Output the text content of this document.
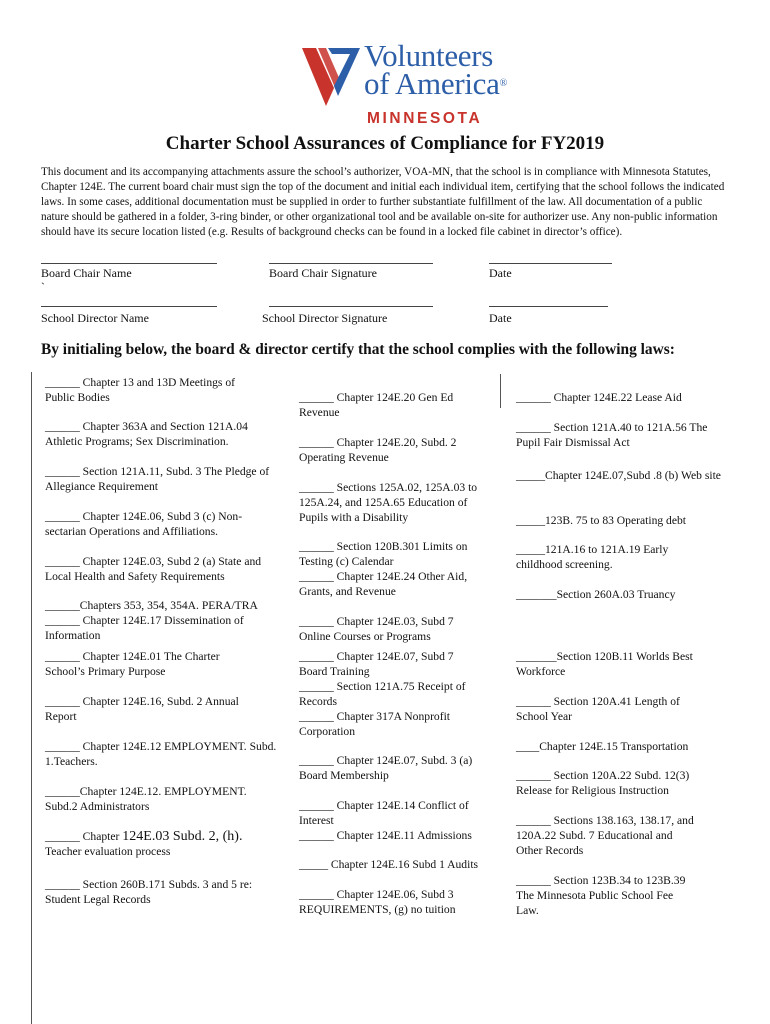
Volunteers
of America®
MINNESOTA
Charter School Assurances of Compliance for FY2019
This document and its accompanying attachments assure the school’s authorizer, VOA-MN, that the school is in compliance with Minnesota Statutes, Chapter 124E. The current board chair must sign the top of the document and initial each individual item, certifying that the school follows the indicated laws. In some cases, additional documentation must be supplied in order to further substantiate fulfillment of the law. All documentation of a public nature should be gathered in a folder, 3-ring binder, or other organizational tool and be available on-site for authorizer use. Any non-public information should have its secure location listed (e.g. Results of background checks can be found in a locked file cabinet in director’s office).
Board Chair Name
`
Board Chair Signature	Date
School Director Name	School Director Signature	Date
By initialing below, the board & director certify that the school complies with the following laws:
______ Chapter 13 and 13D Meetings of Public Bodies
______ Chapter 363A and Section 121A.04 Athletic Programs; Sex Discrimination.
______ Section 121A.11, Subd. 3 The Pledge of Allegiance Requirement
______ Chapter 124E.06, Subd 3 (c) Non-sectarian Operations and Affiliations.
______ Chapter 124E.03, Subd 2 (a) State and Local Health and Safety Requirements
______Chapters 353, 354, 354A. PERA/TRA
______ Chapter 124E.17 Dissemination of Information
______ Chapter 124E.01 The Charter School’s Primary Purpose
______ Chapter 124E.16, Subd. 2 Annual Report
______ Chapter 124E.12 EMPLOYMENT. Subd. 1.Teachers.
______Chapter 124E.12. EMPLOYMENT. Subd.2 Administrators
______ Chapter 124E.03 Subd. 2, (h).
Teacher evaluation process
______ Section 260B.171 Subds. 3 and 5 re: Student Legal Records
______ Chapter 124E.20 Gen Ed Revenue
______ Chapter 124E.20, Subd. 2 Operating Revenue
______ Sections 125A.02, 125A.03 to 125A.24, and 125A.65 Education of Pupils with a Disability
______ Section 120B.301 Limits on Testing (c) Calendar
______ Chapter 124E.24 Other Aid, Grants, and Revenue
______ Chapter 124E.03, Subd 7 Online Courses or Programs
______ Chapter 124E.07, Subd 7 Board Training
______ Section 121A.75 Receipt of Records
______ Chapter 317A Nonprofit Corporation
______ Chapter 124E.07, Subd. 3 (a) Board Membership
______ Chapter 124E.14 Conflict of Interest
______ Chapter 124E.11 Admissions
_____ Chapter 124E.16 Subd 1 Audits
______ Chapter 124E.06, Subd 3 REQUIREMENTS, (g) no tuition
______ Chapter 124E.22 Lease Aid
______ Section 121A.40 to 121A.56 The Pupil Fair Dismissal Act
_____Chapter 124E.07,Subd .8 (b) Web site
_____123B. 75 to 83 Operating debt
_____121A.16 to 121A.19 Early childhood screening.
_______Section 260A.03 Truancy
_______Section 120B.11 Worlds Best Workforce
______ Section 120A.41 Length of School Year
____Chapter 124E.15 Transportation
______ Section 120A.22 Subd. 12(3) Release for Religious Instruction
______ Sections 138.163, 138.17, and 120A.22 Subd. 7 Educational and Other Records
______ Section 123B.34 to 123B.39 The Minnesota Public School Fee Law.
